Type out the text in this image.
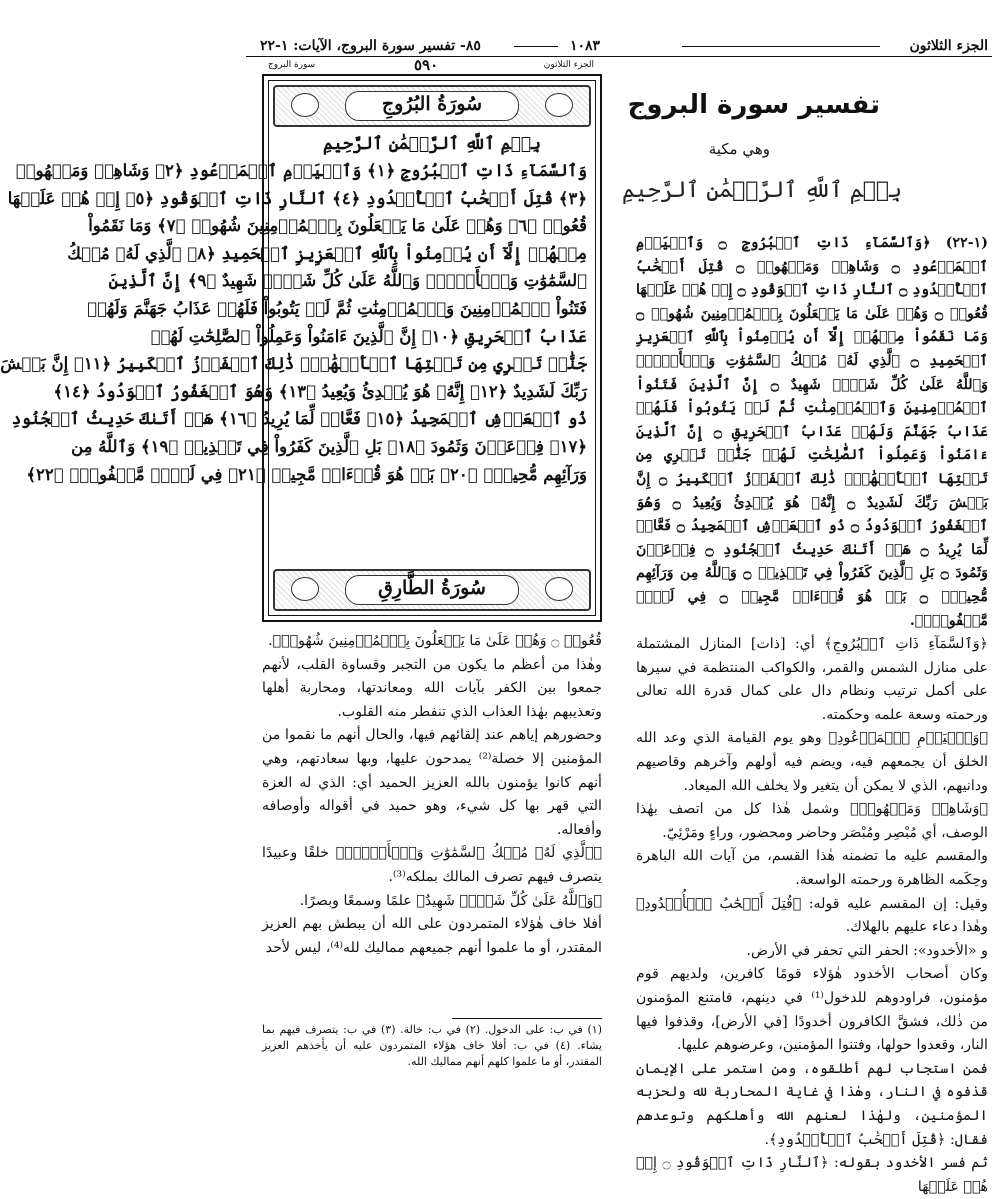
الجزء الثلاثون
١٠٨٣
٨٥- تفسير سورة البروج، الآيات: ١-٢٢
الجزء الثلاثون
سورة البروج	٥٩٠
سُورَةُ البُرُوجِ
بِسۡمِ ٱللَّهِ ٱلرَّحۡمَٰنِ ٱلرَّحِيمِ
وَٱلسَّمَآءِ ذَاتِ ٱلۡبُرُوجِ ﴿١﴾ وَٱلۡيَوۡمِ ٱلۡمَوۡعُودِ ﴿٢﴾ وَشَاهِدٖ وَمَشۡهُودٖ
﴿٣﴾ قُتِلَ أَصۡحَٰبُ ٱلۡأُخۡدُودِ ﴿٤﴾ ٱلنَّارِ ذَاتِ ٱلۡوَقُودِ ﴿٥﴾ إِذۡ هُمۡ عَلَيۡهَا
قُعُودٞ ﴿٦﴾ وَهُمۡ عَلَىٰ مَا يَفۡعَلُونَ بِٱلۡمُؤۡمِنِينَ شُهُودٞ ﴿٧﴾ وَمَا نَقَمُواْ
مِنۡهُمۡ إِلَّآ أَن يُؤۡمِنُواْ بِٱللَّهِ ٱلۡعَزِيزِ ٱلۡحَمِيدِ ﴿٨﴾ ٱلَّذِي لَهُۥ مُلۡكُ
ٱلسَّمَٰوَٰتِ وَٱلۡأَرۡضِۚ وَٱللَّهُ عَلَىٰ كُلِّ شَيۡءٖ شَهِيدٌ ﴿٩﴾ إِنَّ ٱلَّذِينَ
فَتَنُواْ ٱلۡمُؤۡمِنِينَ وَٱلۡمُؤۡمِنَٰتِ ثُمَّ لَمۡ يَتُوبُواْ فَلَهُمۡ عَذَابُ جَهَنَّمَ وَلَهُمۡ
عَذَابُ ٱلۡحَرِيقِ ﴿١٠﴾ إِنَّ ٱلَّذِينَ ءَامَنُواْ وَعَمِلُواْ ٱلصَّٰلِحَٰتِ لَهُمۡ
جَنَّٰتٞ تَجۡرِي مِن تَحۡتِهَا ٱلۡأَنۡهَٰرُۚ ذَٰلِكَ ٱلۡفَوۡزُ ٱلۡكَبِيرُ ﴿١١﴾ إِنَّ بَطۡشَ
رَبِّكَ لَشَدِيدٌ ﴿١٢﴾ إِنَّهُۥ هُوَ يُبۡدِئُ وَيُعِيدُ ﴿١٣﴾ وَهُوَ ٱلۡغَفُورُ ٱلۡوَدُودُ ﴿١٤﴾
ذُو ٱلۡعَرۡشِ ٱلۡمَجِيدُ ﴿١٥﴾ فَعَّالٞ لِّمَا يُرِيدُ ﴿١٦﴾ هَلۡ أَتَىٰكَ حَدِيثُ ٱلۡجُنُودِ
﴿١٧﴾ فِرۡعَوۡنَ وَثَمُودَ ﴿١٨﴾ بَلِ ٱلَّذِينَ كَفَرُواْ فِي تَكۡذِيبٖ ﴿١٩﴾ وَٱللَّهُ مِن
وَرَآئِهِم مُّحِيطُۢ ﴿٢٠﴾ بَلۡ هُوَ قُرۡءَانٞ مَّجِيدٞ ﴿٢١﴾ فِي لَوۡحٖ مَّحۡفُوظِۭ ﴿٢٢﴾
سُورَةُ الطَّارِقِ
تفسير سورة البروج
وهي مكية
بِسۡمِ ٱللَّهِ ٱلرَّحۡمَٰنِ ٱلرَّحِيمِ

(١-٢٢) ﴿وَٱلسَّمَآءِ ذَاتِ ٱلۡبُرُوجِ ۝ وَٱلۡيَوۡمِ ٱلۡمَوۡعُودِ ۝ وَشَاهِدٖ وَمَشۡهُودٖ ۝ قُتِلَ أَصۡحَٰبُ ٱلۡأُخۡدُودِ ۝ ٱلنَّارِ ذَاتِ ٱلۡوَقُودِ ۝ إِذۡ هُمۡ عَلَيۡهَا قُعُودٞ ۝ وَهُمۡ عَلَىٰ مَا يَفۡعَلُونَ بِٱلۡمُؤۡمِنِينَ شُهُودٞ ۝ وَمَا نَقَمُواْ مِنۡهُمۡ إِلَّآ أَن يُؤۡمِنُواْ بِٱللَّهِ ٱلۡعَزِيزِ ٱلۡحَمِيدِ ۝ ٱلَّذِي لَهُۥ مُلۡكُ ٱلسَّمَٰوَٰتِ وَٱلۡأَرۡضِۚ وَٱللَّهُ عَلَىٰ كُلِّ شَيۡءٖ شَهِيدٌ ۝ إِنَّ ٱلَّذِينَ فَتَنُواْ ٱلۡمُؤۡمِنِينَ وَٱلۡمُؤۡمِنَٰتِ ثُمَّ لَمۡ يَتُوبُواْ فَلَهُمۡ عَذَابُ جَهَنَّمَ وَلَهُمۡ عَذَابُ ٱلۡحَرِيقِ ۝ إِنَّ ٱلَّذِينَ ءَامَنُواْ وَعَمِلُواْ ٱلصَّٰلِحَٰتِ لَهُمۡ جَنَّٰتٞ تَجۡرِي مِن تَحۡتِهَا ٱلۡأَنۡهَٰرُۚ ذَٰلِكَ ٱلۡفَوۡزُ ٱلۡكَبِيرُ ۝ إِنَّ بَطۡشَ رَبِّكَ لَشَدِيدٌ ۝ إِنَّهُۥ هُوَ يُبۡدِئُ وَيُعِيدُ ۝ وَهُوَ ٱلۡغَفُورُ ٱلۡوَدُودُ ۝ ذُو ٱلۡعَرۡشِ ٱلۡمَجِيدُ ۝ فَعَّالٞ لِّمَا يُرِيدُ ۝ هَلۡ أَتَىٰكَ حَدِيثُ ٱلۡجُنُودِ ۝ فِرۡعَوۡنَ وَثَمُودَ ۝ بَلِ ٱلَّذِينَ كَفَرُواْ فِي تَكۡذِيبٖ ۝ وَٱللَّهُ مِن وَرَآئِهِم مُّحِيطُۢ ۝ بَلۡ هُوَ قُرۡءَانٞ مَّجِيدٞ ۝ فِي لَوۡحٖ مَّحۡفُوظِۭ﴾.

﴿وَٱلسَّمَآءِ ذَاتِ ٱلۡبُرُوجِ﴾ أي: [ذات] المنازل المشتملة على منازل الشمس والقمر، والكواكب المنتظمة في سيرها على أكمل ترتيب ونظام دال على كمال قدرة الله تعالى ورحمته وسعة علمه وحكمته.

﴿وَٱلۡيَوۡمِ ٱلۡمَوۡعُودِ﴾ وهو يوم القيامة الذي وعد الله الخلق أن يجمعهم فيه، ويضم فيه أولهم وآخرهم وقاصيهم ودانيهم، الذي لا يمكن أن يتغير ولا يخلف الله الميعاد.

﴿وَشَاهِدٖ وَمَشۡهُودٖ﴾ وشمل هٰذا كل من اتصف بهٰذا الوصف، أي مُبْصِر ومُبْصَر وحاضر ومحضور، وراءٍ ومَرْئِيّ.

والمقسم عليه ما تضمنه هٰذا القسم، من آيات الله الباهرة وحِكَمه الظاهرة ورحمته الواسعة.

وقيل: إن المقسم عليه قوله: ﴿قُتِلَ أَصۡحَٰبُ ٱلۡأُخۡدُودِ﴾ وهٰذا دعاء عليهم بالهلاك.

و «الأخدود»: الحفر التي تحفر في الأرض.

وكان أصحاب الأخدود هٰؤلاء قومًا كافرين، ولديهم قوم مؤمنون، فراودوهم للدخول⁽¹⁾ في دينهم، فامتنع المؤمنون من ذٰلك، فشقَّ الكافرون أخدودًا [في الأرض]، وقذفوا فيها النار، وقعدوا حولها، وفتنوا المؤمنين، وعرضوهم عليها.

فمن استجاب لهم أطلقوه، ومن استمر على الإيمان قذفوه في النار، وهٰذا في غاية المحاربة لله ولحزبه المؤمنين، ولهٰذا لعنهم الله وأهلكهم وتوعدهم فقال: ﴿قُتِلَ أَصۡحَٰبُ ٱلۡأُخۡدُودِ﴾.

ثم فسر الأخدود بقوله: ﴿ٱلنَّارِ ذَاتِ ٱلۡوَقُودِ ۝ إِذۡ هُمۡ عَلَيۡهَا

قُعُودٞ ۝ وَهُمۡ عَلَىٰ مَا يَفۡعَلُونَ بِٱلۡمُؤۡمِنِينَ شُهُودٞ﴾.

وهٰذا من أعظم ما يكون من التجبر وقساوة القلب، لأنهم جمعوا بين الكفر بآيات الله ومعاندتها، ومحاربة أهلها وتعذيبهم بهٰذا العذاب الذي تنفطر منه القلوب.

وحضورهم إياهم عند إلقائهم فيها، والحال أنهم ما نقموا من المؤمنين إلا خصلة⁽²⁾ يمدحون عليها، وبها سعادتهم، وهي أنهم كانوا يؤمنون بالله العزيز الحميد أي: الذي له العزة التي قهر بها كل شيء، وهو حميد في أقواله وأوصافه وأفعاله.

﴿ٱلَّذِي لَهُۥ مُلۡكُ ٱلسَّمَٰوَٰتِ وَٱلۡأَرۡضِۚ﴾ خلقًا وعبيدًا يتصرف فيهم تصرف المالك بملكه⁽³⁾.

﴿وَٱللَّهُ عَلَىٰ كُلِّ شَيۡءٖ شَهِيدٌ﴾ علمًا وسمعًا وبصرًا.

أفلا خاف هٰؤلاء المتمردون على الله أن يبطش بهم العزيز المقتدر، أو ما علموا أنهم جميعهم مماليك لله⁽⁴⁾، ليس لأحد

(١) في ب: على الدخول. (٢) في ب: خالة. (٣) في ب: يتصرف فيهم بما يشاء. (٤) في ب: أفلا خاف هؤلاء المتمردون عليه أن يأخذهم العزيز المقتدر، أو ما علموا كلهم أنهم مماليك الله.
